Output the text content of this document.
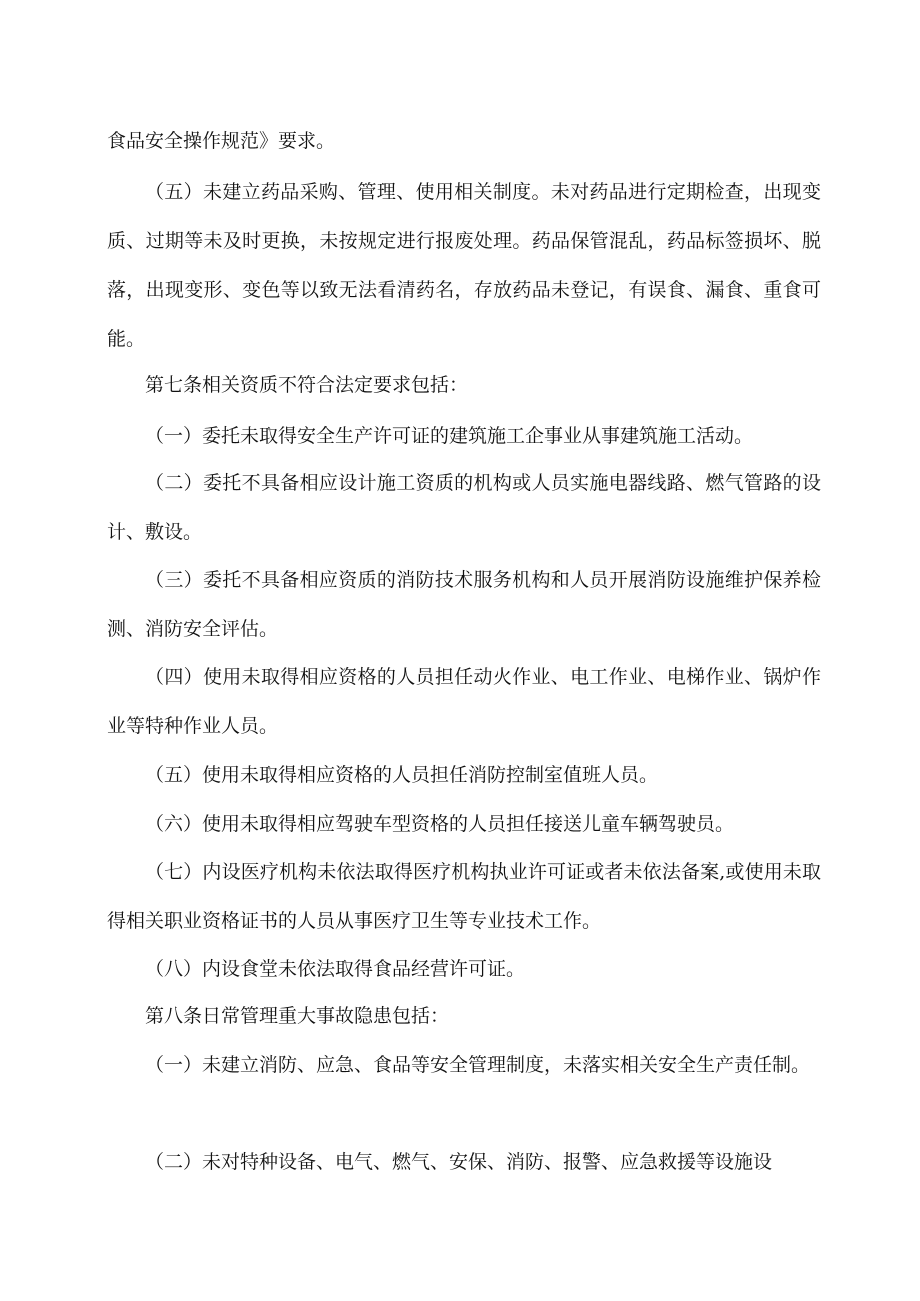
食品安全操作规范》要求。

（五）未建立药品采购、管理、使用相关制度。未对药品进行定期检查，出现变质、过期等未及时更换，未按规定进行报废处理。药品保管混乱，药品标签损坏、脱落，出现变形、变色等以致无法看清药名，存放药品未登记，有误食、漏食、重食可能。

第七条相关资质不符合法定要求包括：

（一）委托未取得安全生产许可证的建筑施工企事业从事建筑施工活动。

（二）委托不具备相应设计施工资质的机构或人员实施电器线路、燃气管路的设计、敷设。

（三）委托不具备相应资质的消防技术服务机构和人员开展消防设施维护保养检测、消防安全评估。

（四）使用未取得相应资格的人员担任动火作业、电工作业、电梯作业、锅炉作业等特种作业人员。

（五）使用未取得相应资格的人员担任消防控制室值班人员。

（六）使用未取得相应驾驶车型资格的人员担任接送儿童车辆驾驶员。

（七）内设医疗机构未依法取得医疗机构执业许可证或者未依法备案,或使用未取得相关职业资格证书的人员从事医疗卫生等专业技术工作。

（八）内设食堂未依法取得食品经营许可证。

第八条日常管理重大事故隐患包括：

（一）未建立消防、应急、食品等安全管理制度，未落实相关安全生产责任制。

（二）未对特种设备、电气、燃气、安保、消防、报警、应急救援等设施设
